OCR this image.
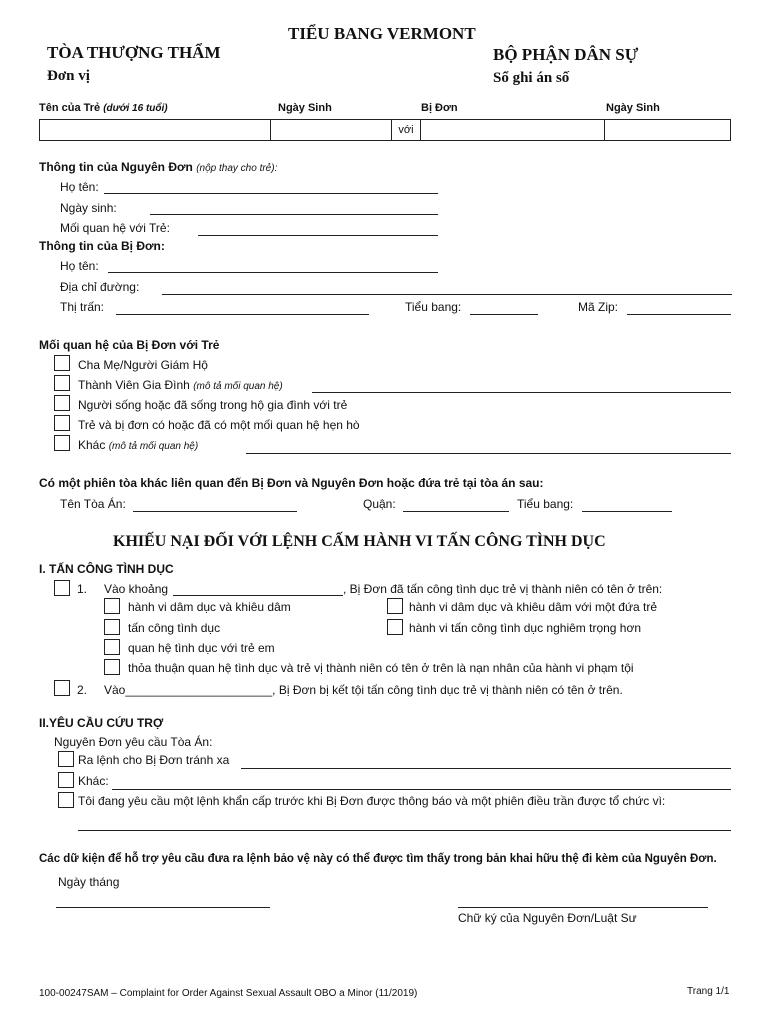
TIỂU BANG VERMONT
TÒA THƯỢNG THẨM
Đơn vị
BỘ PHẬN DÂN SỰ
Sổ ghi án số
Tên của Trẻ (dưới 16 tuổi)	Ngày Sinh	Bị Đơn	Ngày Sinh
		với		
Thông tin của Nguyên Đơn (nộp thay cho trẻ):
Họ tên:
Ngày sinh:
Mối quan hệ với Trẻ:
Thông tin của Bị Đơn:
Họ tên:
Địa chỉ đường:
Thị trấn:	Tiểu bang:	Mã Zip:
Mối quan hệ của Bị Đơn với Trẻ
Cha Mẹ/Người Giám Hộ
Thành Viên Gia Đình (mô tả mối quan hệ)
Người sống hoặc đã sống trong hộ gia đình với trẻ
Trẻ và bị đơn có hoặc đã có một mối quan hệ hẹn hò
Khác (mô tả mối quan hệ)
Có một phiên tòa khác liên quan đến Bị Đơn và Nguyên Đơn hoặc đứa trẻ tại tòa án sau:
Tên Tòa Án:	Quận:	Tiểu bang:
KHIẾU NẠI ĐỐI VỚI LỆNH CẤM HÀNH VI TẤN CÔNG TÌNH DỤC
I. TẤN CÔNG TÌNH DỤC
1. Vào khoảng	, Bị Đơn đã tấn công tình dục trẻ vị thành niên có tên ở trên:
hành vi dâm dục và khiêu dâm	hành vi dâm dục và khiêu dâm với một đứa trẻ
tấn công tình dục	hành vi tấn công tình dục nghiêm trọng hơn
quan hệ tình dục với trẻ em
thỏa thuận quan hệ tình dục và trẻ vị thành niên có tên ở trên là nạn nhân của hành vi phạm tội
2. Vào______________________, Bị Đơn bị kết tội tấn công tình dục trẻ vị thành niên có tên ở trên.
II.YÊU CẦU CỨU TRỢ
Nguyên Đơn yêu cầu Tòa Án:
Ra lệnh cho Bị Đơn tránh xa
Khác:
Tôi đang yêu cầu một lệnh khẩn cấp trước khi Bị Đơn được thông báo và một phiên điều trần được tổ chức vì:
Các dữ kiện để hỗ trợ yêu cầu đưa ra lệnh bảo vệ này có thể được tìm thấy trong bản khai hữu thệ đi kèm của Nguyên Đơn.
Ngày tháng
Chữ ký của Nguyên Đơn/Luật Sư
100-00247SAM – Complaint for Order Against Sexual Assault OBO a Minor (11/2019)	Trang 1/1
